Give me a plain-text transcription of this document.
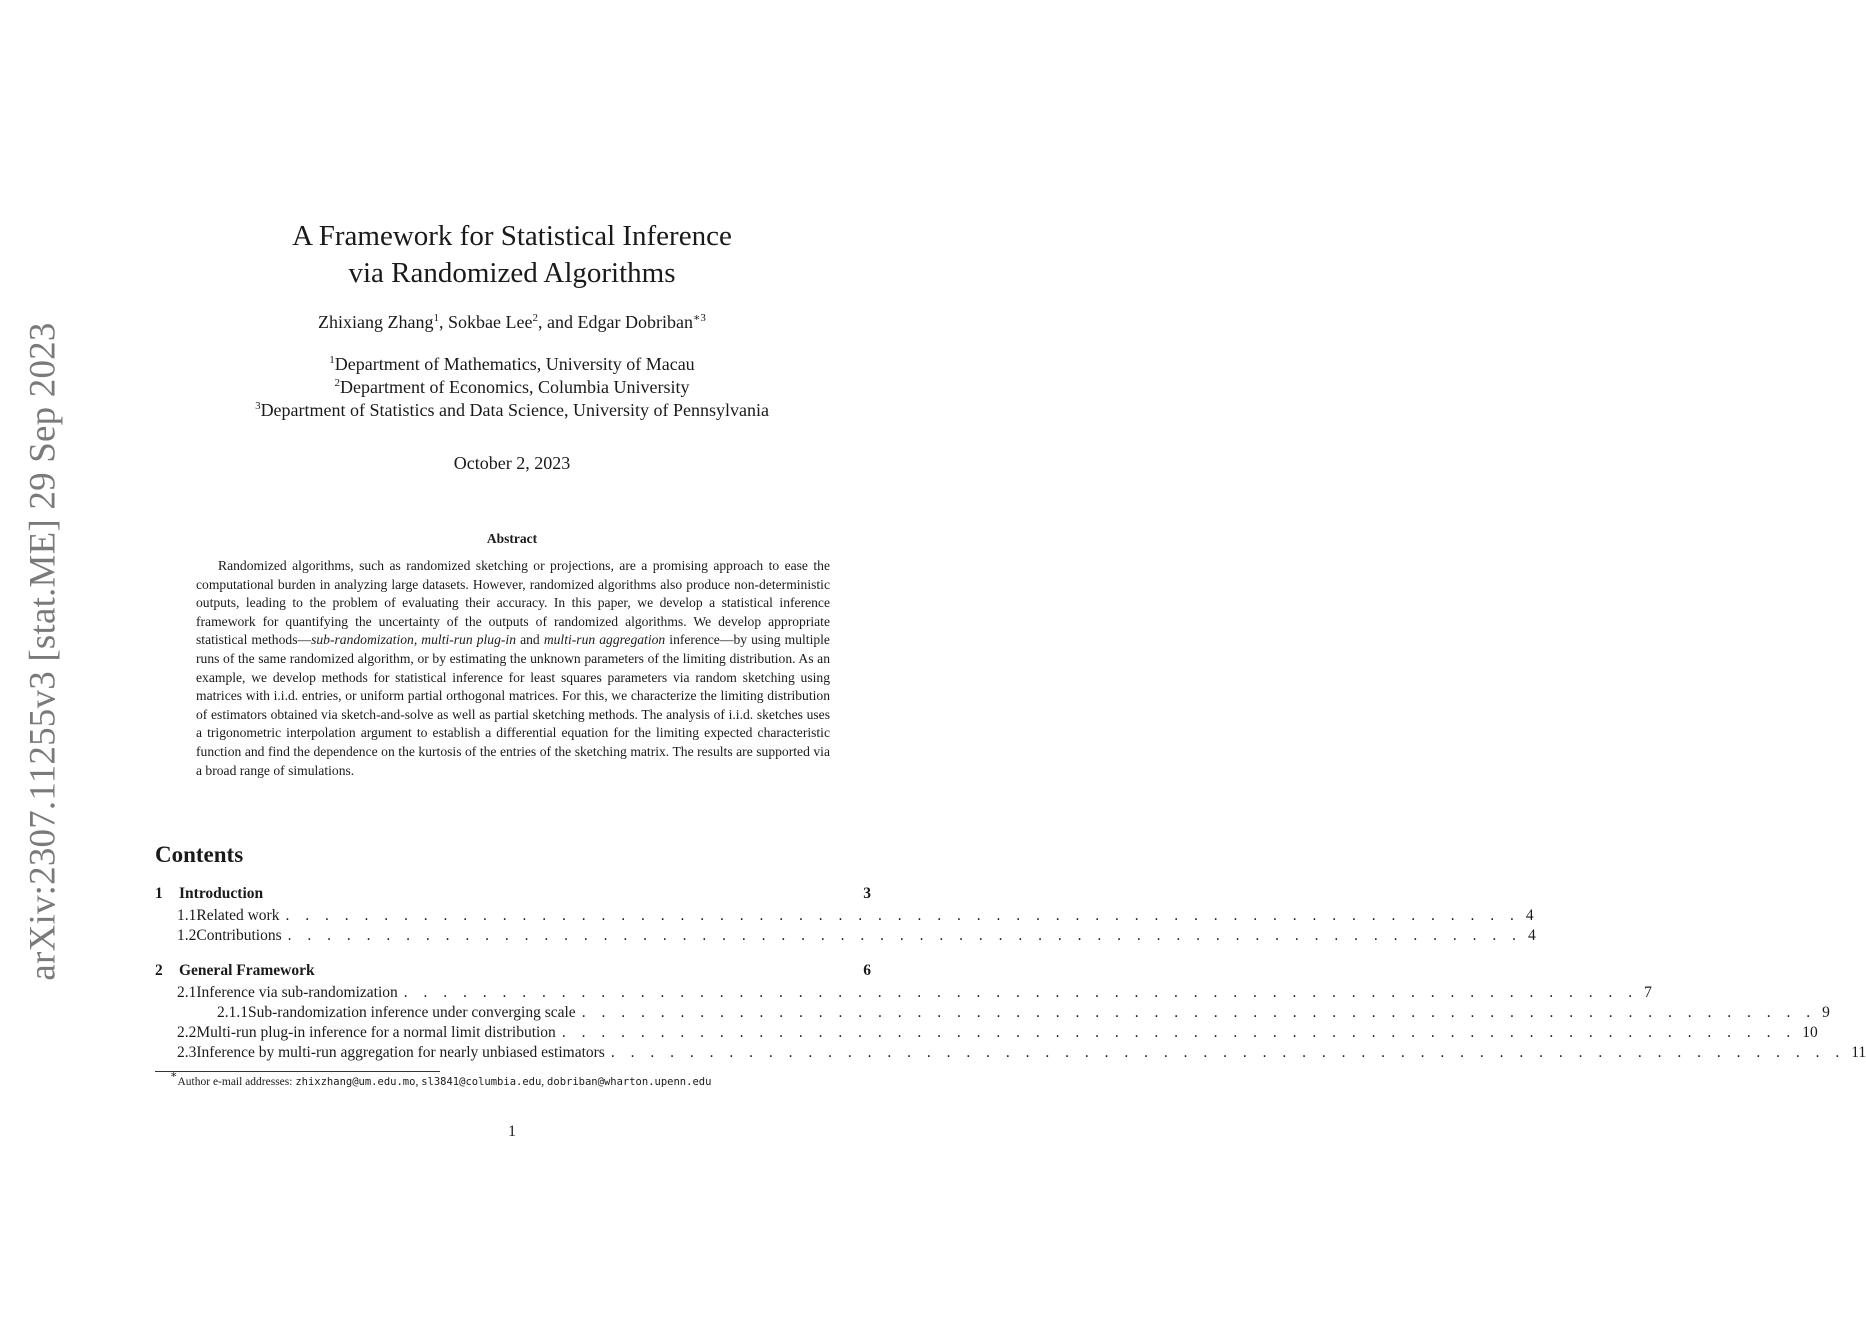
arXiv:2307.11255v3 [stat.ME] 29 Sep 2023
A Framework for Statistical Inference
via Randomized Algorithms
Zhixiang Zhang$^1$, Sokbae Lee$^2$, and Edgar Dobriban$^{∗3}$
$^1$Department of Mathematics, University of Macau
$^2$Department of Economics, Columbia University
$^3$Department of Statistics and Data Science, University of Pennsylvania
October 2, 2023
Abstract

Randomized algorithms, such as randomized sketching or projections, are a promising approach to ease the computational burden in analyzing large datasets. However, randomized algorithms also produce non-deterministic outputs, leading to the problem of evaluating their accuracy. In this paper, we develop a statistical inference framework for quantifying the uncertainty of the outputs of randomized algorithms. We develop appropriate statistical methods—sub-randomization, multi-run plug-in and multi-run aggregation inference—by using multiple runs of the same randomized algorithm, or by estimating the unknown parameters of the limiting distribution. As an example, we develop methods for statistical inference for least squares parameters via random sketching using matrices with i.i.d. entries, or uniform partial orthogonal matrices. For this, we characterize the limiting distribution of estimators obtained via sketch-and-solve as well as partial sketching methods. The analysis of i.i.d. sketches uses a trigonometric interpolation argument to establish a differential equation for the limiting expected characteristic function and find the dependence on the kurtosis of the entries of the sketching matrix. The results are supported via a broad range of simulations.

Contents
1	Introduction	3
1.1 Related work . . . . . . . . . . . . . . . . . . . . . . . . . . . . . . . . . . . . . . . . . . . . . . . . . . . . . . . . . . . . . . . 4
1.2 Contributions . . . . . . . . . . . . . . . . . . . . . . . . . . . . . . . . . . . . . . . . . . . . . . . . . . . . . . . . . . . . . . . 4
2	General Framework	6
2.1 Inference via sub-randomization . . . . . . . . . . . . . . . . . . . . . . . . . . . . . . . . . . . . . . . . . . . . . . . . . . . . . . . . . . . . . . . 7
2.1.1 Sub-randomization inference under converging scale . . . . . . . . . . . . . . . . . . . . . . . . . . . . . . . . . . . . . . . . . . . . . . . . . . . . . . . . . . . . . . . 9
2.2 Multi-run plug-in inference for a normal limit distribution . . . . . . . . . . . . . . . . . . . . . . . . . . . . . . . . . . . . . . . . . . . . . . . . . . . . . . . . . . . . . . . 10
2.3 Inference by multi-run aggregation for nearly unbiased estimators . . . . . . . . . . . . . . . . . . . . . . . . . . . . . . . . . . . . . . . . . . . . . . . . . . . . . . . . . . . . . . . 11
∗Author e-mail addresses: zhixzhang@um.edu.mo, sl3841@columbia.edu, dobriban@wharton.upenn.edu
1
